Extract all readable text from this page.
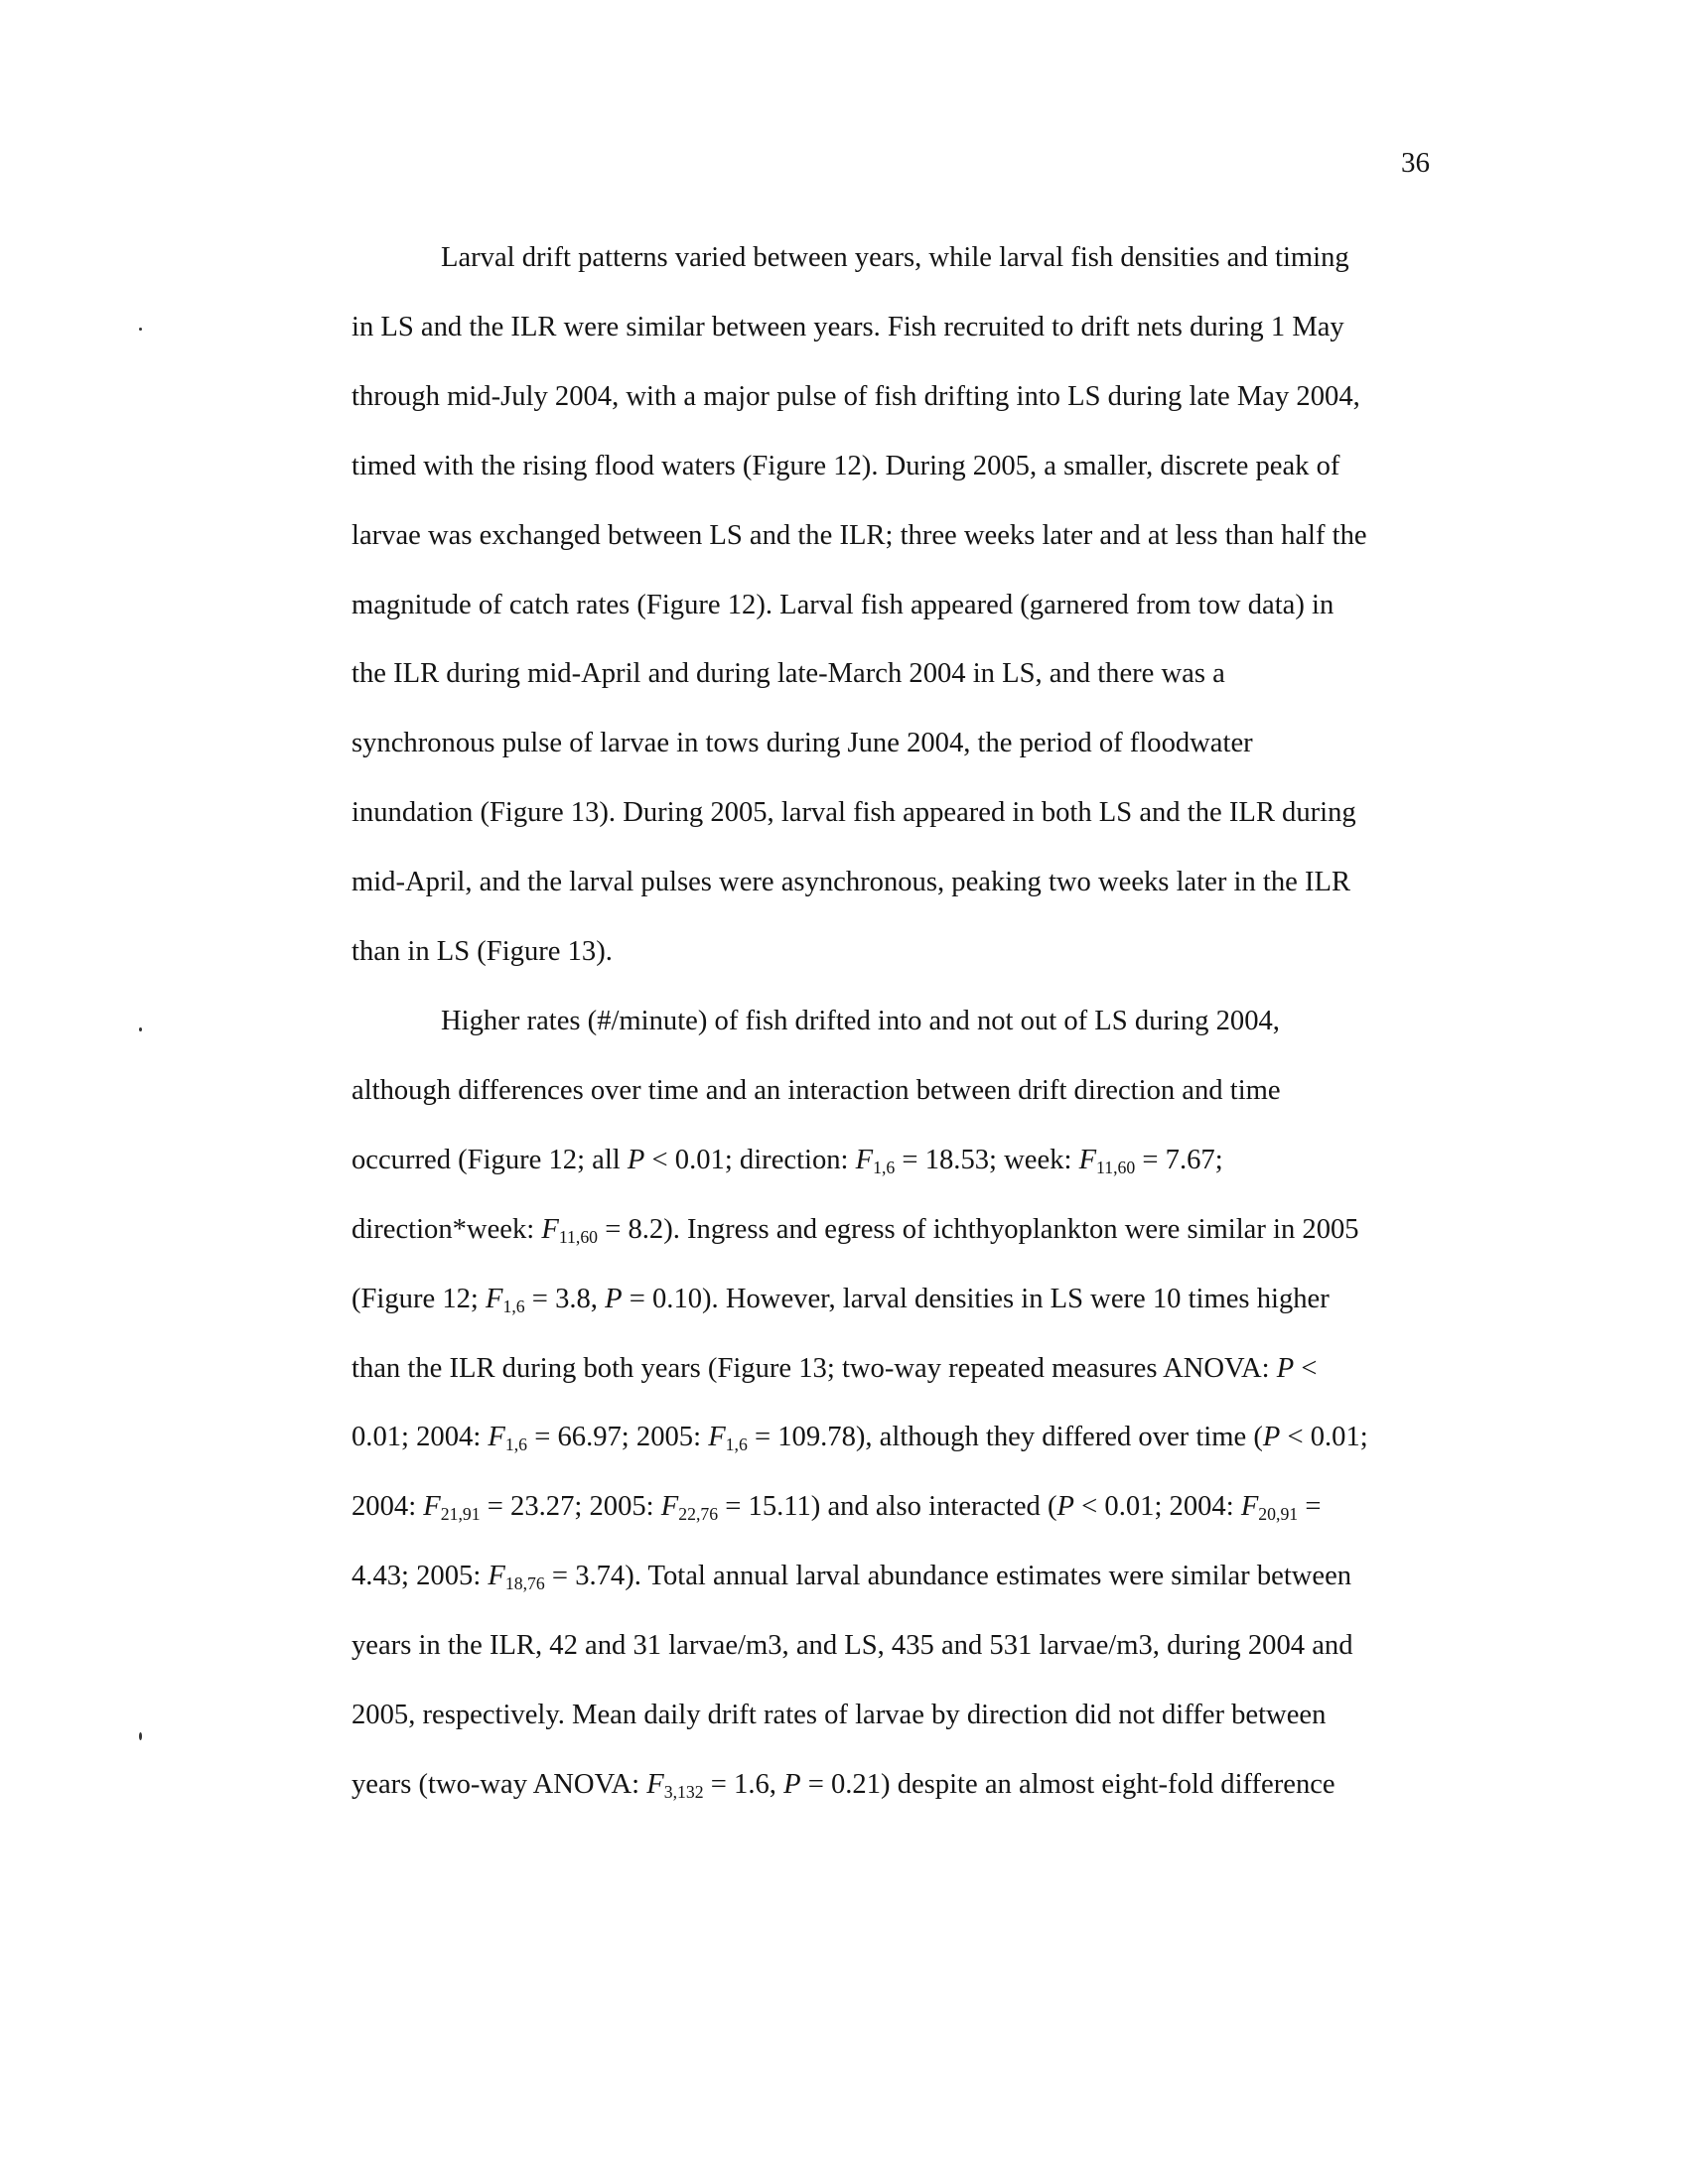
36

Larval drift patterns varied between years, while larval fish densities and timing
in LS and the ILR were similar between years. Fish recruited to drift nets during 1 May
through mid-July 2004, with a major pulse of fish drifting into LS during late May 2004,
timed with the rising flood waters (Figure 12). During 2005, a smaller, discrete peak of
larvae was exchanged between LS and the ILR; three weeks later and at less than half the
magnitude of catch rates (Figure 12). Larval fish appeared (garnered from tow data) in
the ILR during mid-April and during late-March 2004 in LS, and there was a
synchronous pulse of larvae in tows during June 2004, the period of floodwater
inundation (Figure 13). During 2005, larval fish appeared in both LS and the ILR during
mid-April, and the larval pulses were asynchronous, peaking two weeks later in the ILR
than in LS (Figure 13).

Higher rates (#/minute) of fish drifted into and not out of LS during 2004,
although differences over time and an interaction between drift direction and time
occurred (Figure 12; all P < 0.01; direction: $F_{1,6} = 18.53$; week: $F_{11,60} = 7.67$;
direction*week: $F_{11,60} = 8.2$). Ingress and egress of ichthyoplankton were similar in 2005
(Figure 12; $F_{1,6} = 3.8$, P = 0.10). However, larval densities in LS were 10 times higher
than the ILR during both years (Figure 13; two-way repeated measures ANOVA: P <
0.01; 2004: $F_{1,6} = 66.97$; 2005: $F_{1,6} = 109.78$), although they differed over time (P < 0.01;
2004: $F_{21,91} = 23.27$; 2005: $F_{22,76} = 15.11$) and also interacted (P < 0.01; 2004: $F_{20,91}$ =
4.43; 2005: $F_{18,76} = 3.74$). Total annual larval abundance estimates were similar between
years in the ILR, 42 and 31 larvae/m3, and LS, 435 and 531 larvae/m3, during 2004 and
2005, respectively. Mean daily drift rates of larvae by direction did not differ between
years (two-way ANOVA: $F_{3,132} = 1.6$, P = 0.21) despite an almost eight-fold difference
